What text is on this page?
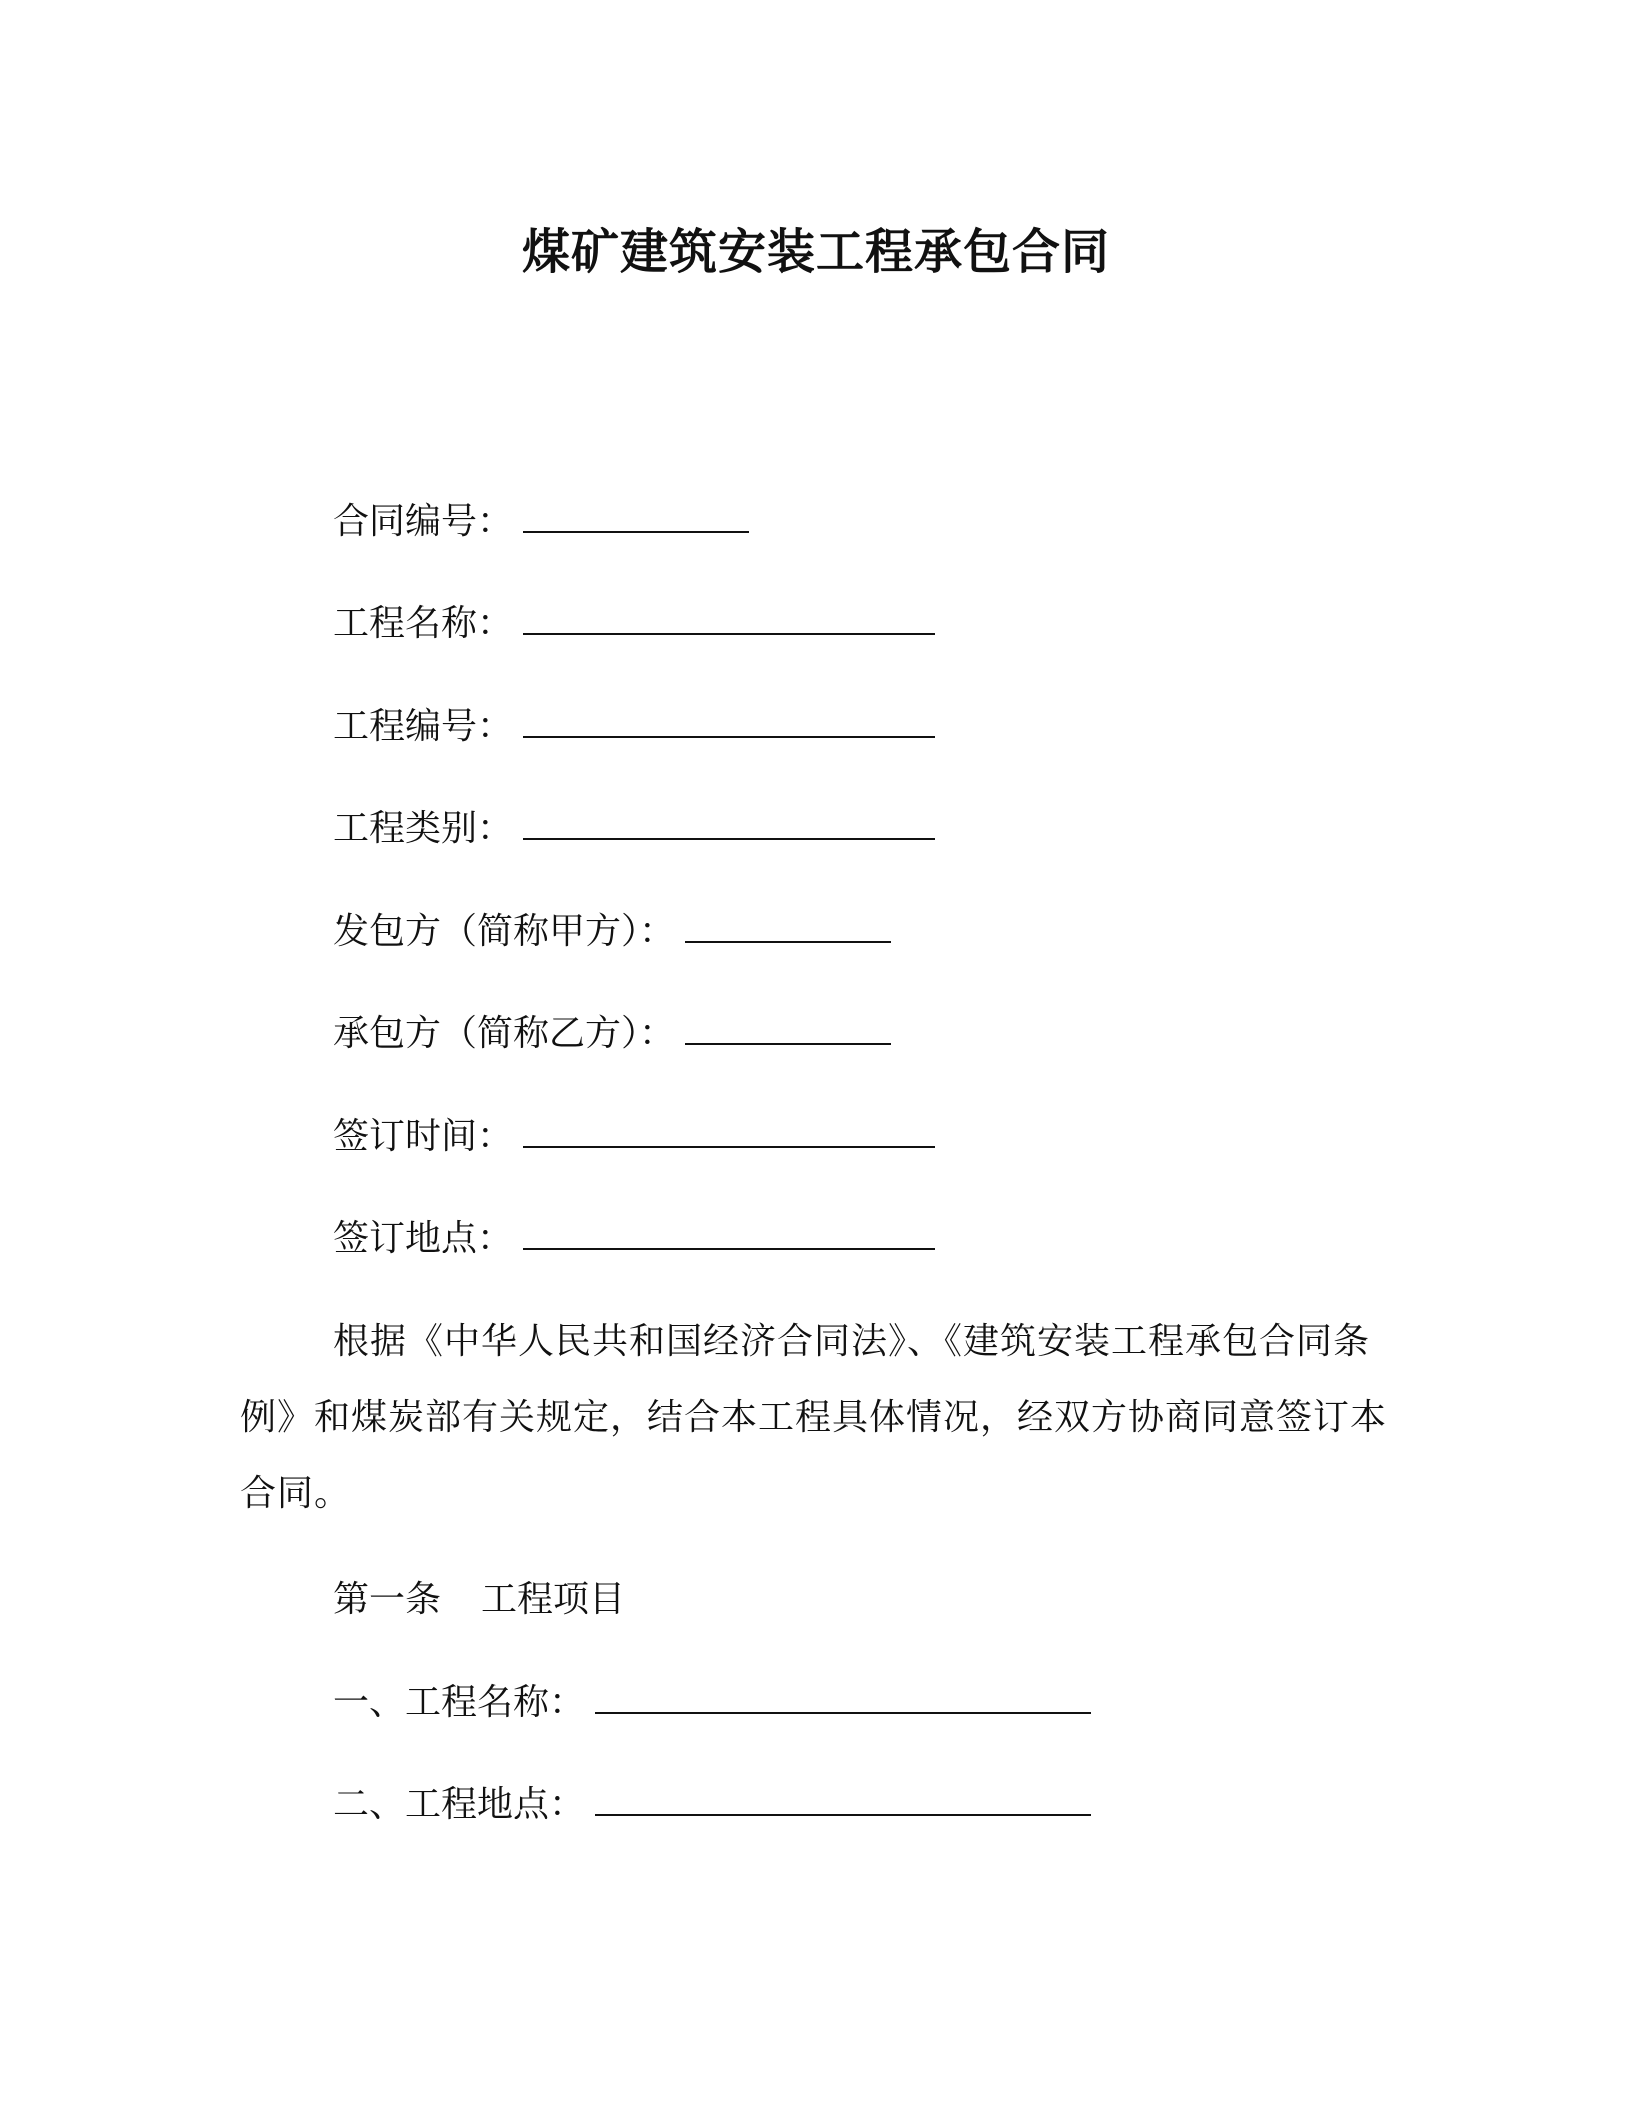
煤矿建筑安装工程承包合同
合同编号：
工程名称：
工程编号：
工程类别：
发包方（简称甲方）：
承包方（简称乙方）：
签订时间：
签订地点：
根据《中华人民共和国经济合同法》、《建筑安装工程承包合同条例》和煤炭部有关规定，结合本工程具体情况，经双方协商同意签订本合同。
第一条 工程项目
一、工程名称：
二、工程地点：
